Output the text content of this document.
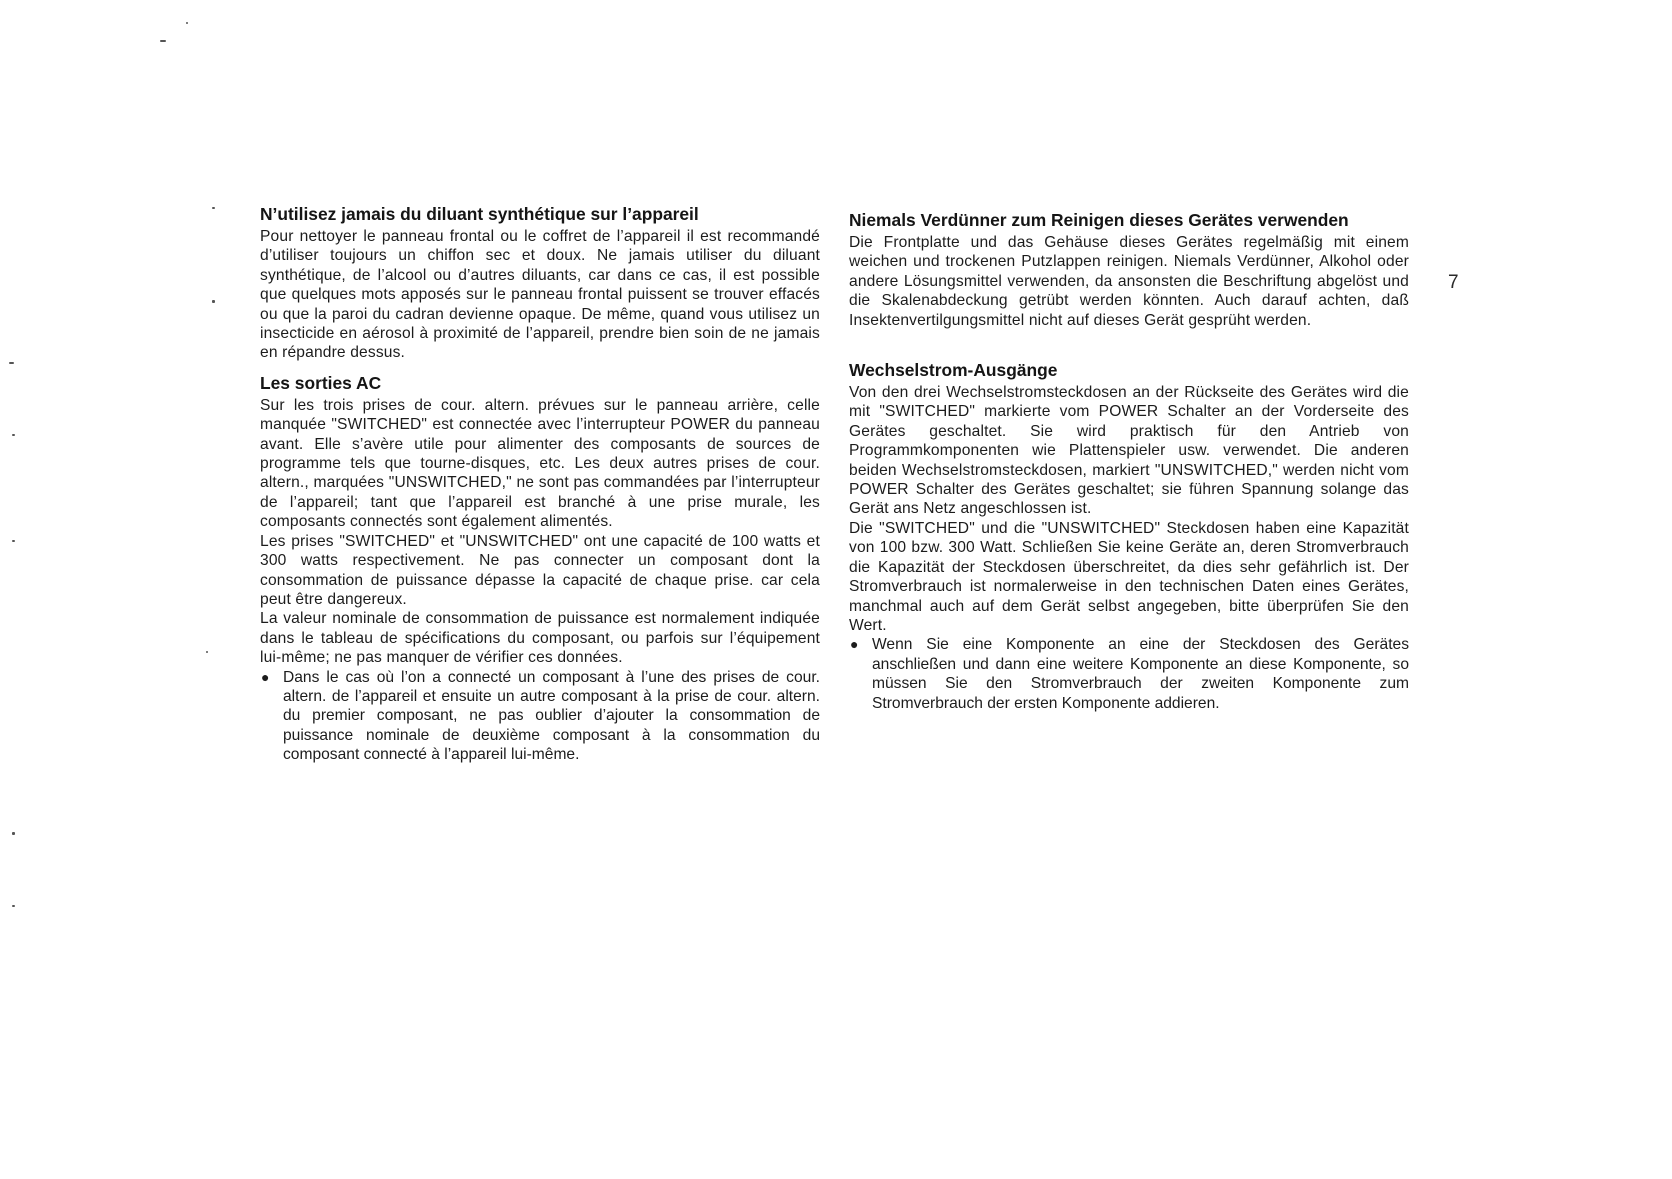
N’utilisez jamais du diluant synthétique sur l’appareil

Pour nettoyer le panneau frontal ou le coffret de l’appareil il est recommandé d’utiliser toujours un chiffon sec et doux. Ne jamais utiliser du diluant synthétique, de l’alcool ou d’autres diluants, car dans ce cas, il est possible que quelques mots apposés sur le panneau frontal puissent se trouver effacés ou que la paroi du cadran devienne opaque. De même, quand vous utilisez un insecticide en aérosol à proximité de l’appareil, prendre bien soin de ne jamais en répandre dessus.

Les sorties AC

Sur les trois prises de cour. altern. prévues sur le panneau arrière, celle manquée "SWITCHED" est connectée avec l’interrupteur POWER du panneau avant. Elle s’avère utile pour alimenter des composants de sources de programme tels que tourne-disques, etc. Les deux autres prises de cour. altern., marquées "UNSWITCHED," ne sont pas commandées par l’interrupteur de l’appareil; tant que l’appareil est branché à une prise murale, les composants connectés sont également alimentés.

Les prises "SWITCHED" et "UNSWITCHED" ont une capacité de 100 watts et 300 watts respectivement. Ne pas connecter un composant dont la consommation de puissance dépasse la capacité de chaque prise. car cela peut être dangereux.

La valeur nominale de consommation de puissance est normalement indiquée dans le tableau de spécifications du composant, ou parfois sur l’équipement lui-même; ne pas manquer de vérifier ces données.

● Dans le cas où l’on a connecté un composant à l’une des prises de cour. altern. de l’appareil et ensuite un autre composant à la prise de cour. altern. du premier composant, ne pas oublier d’ajouter la consommation de puissance nominale de deuxième composant à la consommation du composant connecté à l’appareil lui-même.
Niemals Verdünner zum Reinigen dieses Gerätes verwenden

Die Frontplatte und das Gehäuse dieses Gerätes regelmäßig mit einem weichen und trockenen Putzlappen reinigen. Niemals Verdünner, Alkohol oder andere Lösungsmittel verwenden, da ansonsten die Beschriftung abgelöst und die Skalenabdeckung getrübt werden könnten. Auch darauf achten, daß Insektenvertilgungsmittel nicht auf dieses Gerät gesprüht werden.

Wechselstrom-Ausgänge

Von den drei Wechselstromsteckdosen an der Rückseite des Gerätes wird die mit "SWITCHED" markierte vom POWER Schalter an der Vorderseite des Gerätes geschaltet. Sie wird praktisch für den Antrieb von Programmkomponenten wie Plattenspieler usw. verwendet. Die anderen beiden Wechselstromsteckdosen, markiert "UNSWITCHED," werden nicht vom POWER Schalter des Gerätes geschaltet; sie führen Spannung solange das Gerät ans Netz angeschlossen ist.

Die "SWITCHED" und die "UNSWITCHED" Steckdosen haben eine Kapazität von 100 bzw. 300 Watt. Schließen Sie keine Geräte an, deren Stromverbrauch die Kapazität der Steckdosen überschreitet, da dies sehr gefährlich ist. Der Stromverbrauch ist normalerweise in den technischen Daten eines Gerätes, manchmal auch auf dem Gerät selbst angegeben, bitte überprüfen Sie den Wert.

● Wenn Sie eine Komponente an eine der Steckdosen des Gerätes anschließen und dann eine weitere Komponente an diese Komponente, so müssen Sie den Stromverbrauch der zweiten Komponente zum Stromverbrauch der ersten Komponente addieren.
7
